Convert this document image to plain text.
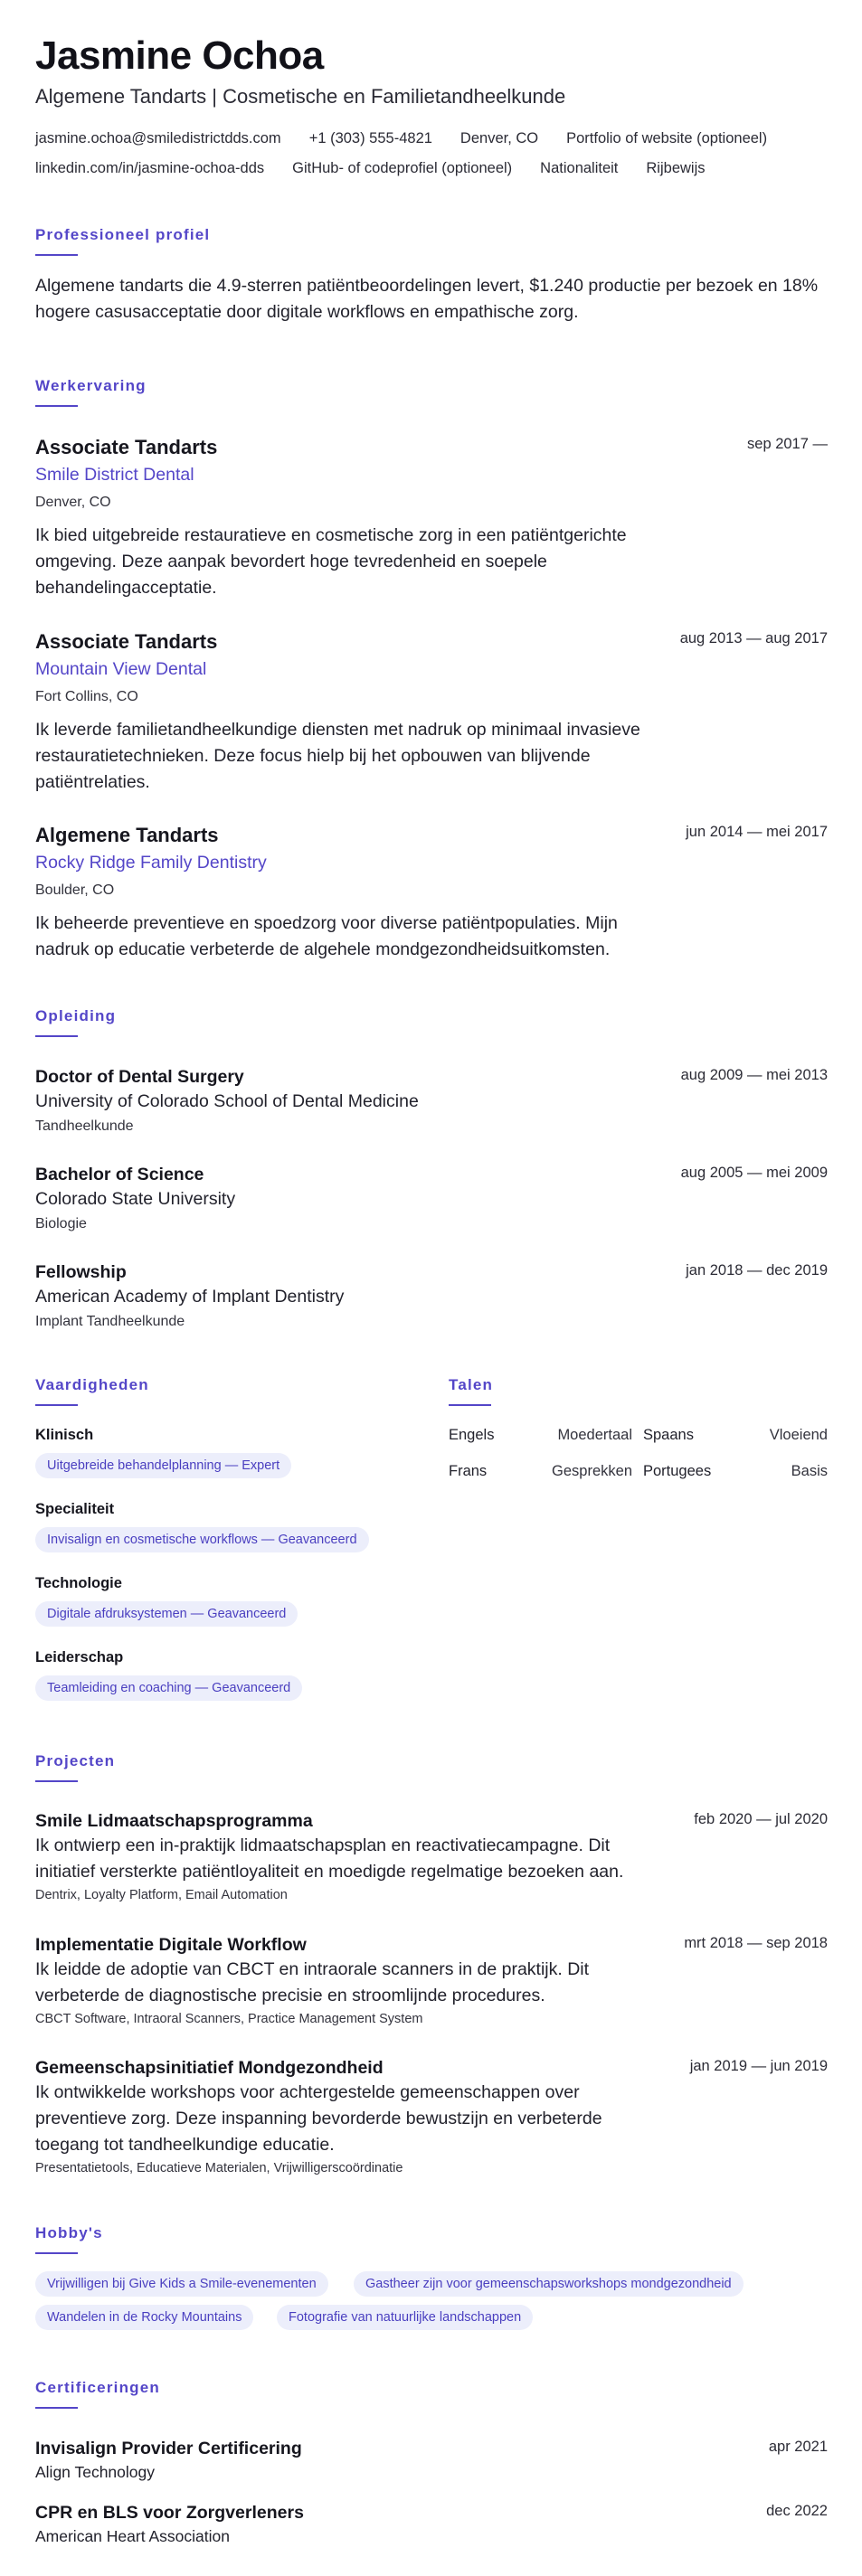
Jasmine Ochoa
Algemene Tandarts | Cosmetische en Familietandheelkunde
jasmine.ochoa@smiledistrictdds.com +1 (303) 555-4821 Denver, CO Portfolio of website (optioneel)
linkedin.com/in/jasmine-ochoa-dds GitHub- of codeprofiel (optioneel) Nationaliteit Rijbewijs
Professioneel profiel
Algemene tandarts die 4.9-sterren patiëntbeoordelingen levert, $1.240 productie per bezoek en 18% hogere casusacceptatie door digitale workflows en empathische zorg.
Werkervaring
Associate Tandarts	sep 2017 —
Smile District Dental
Denver, CO
Ik bied uitgebreide restauratieve en cosmetische zorg in een patiëntgerichte omgeving. Deze aanpak bevordert hoge tevredenheid en soepele behandelingacceptatie.
Associate Tandarts	aug 2013 — aug 2017
Mountain View Dental
Fort Collins, CO
Ik leverde familietandheelkundige diensten met nadruk op minimaal invasieve restauratietechnieken. Deze focus hielp bij het opbouwen van blijvende patiëntrelaties.
Algemene Tandarts	jun 2014 — mei 2017
Rocky Ridge Family Dentistry
Boulder, CO
Ik beheerde preventieve en spoedzorg voor diverse patiëntpopulaties. Mijn nadruk op educatie verbeterde de algehele mondgezondheidsuitkomsten.
Opleiding
Doctor of Dental Surgery	aug 2009 — mei 2013
University of Colorado School of Dental Medicine
Tandheelkunde
Bachelor of Science	aug 2005 — mei 2009
Colorado State University
Biologie
Fellowship	jan 2018 — dec 2019
American Academy of Implant Dentistry
Implant Tandheelkunde
Vaardigheden
Klinisch
Uitgebreide behandelplanning — Expert
Specialiteit
Invisalign en cosmetische workflows — Geavanceerd
Technologie
Digitale afdruksystemen — Geavanceerd
Leiderschap
Teamleiding en coaching — Geavanceerd
Talen
Engels	Moedertaal Spaans	Vloeiend
Frans	Gesprekken Portugees	Basis
Projecten
Smile Lidmaatschapsprogramma	feb 2020 — jul 2020
Ik ontwierp een in-praktijk lidmaatschapsplan en reactivatiecampagne. Dit initiatief versterkte patiëntloyaliteit en moedigde regelmatige bezoeken aan.
Dentrix, Loyalty Platform, Email Automation
Implementatie Digitale Workflow	mrt 2018 — sep 2018
Ik leidde de adoptie van CBCT en intraorale scanners in de praktijk. Dit verbeterde de diagnostische precisie en stroomlijnde procedures.
CBCT Software, Intraoral Scanners, Practice Management System
Gemeenschapsinitiatief Mondgezondheid	jan 2019 — jun 2019
Ik ontwikkelde workshops voor achtergestelde gemeenschappen over preventieve zorg. Deze inspanning bevorderde bewustzijn en verbeterde toegang tot tandheelkundige educatie.
Presentatietools, Educatieve Materialen, Vrijwilligerscoördinatie
Hobby's
Vrijwilligen bij Give Kids a Smile-evenementen	Gastheer zijn voor gemeenschapsworkshops mondgezondheid
Wandelen in de Rocky Mountains	Fotografie van natuurlijke landschappen
Certificeringen
Invisalign Provider Certificering	apr 2021
Align Technology
CPR en BLS voor Zorgverleners	dec 2022
American Heart Association
